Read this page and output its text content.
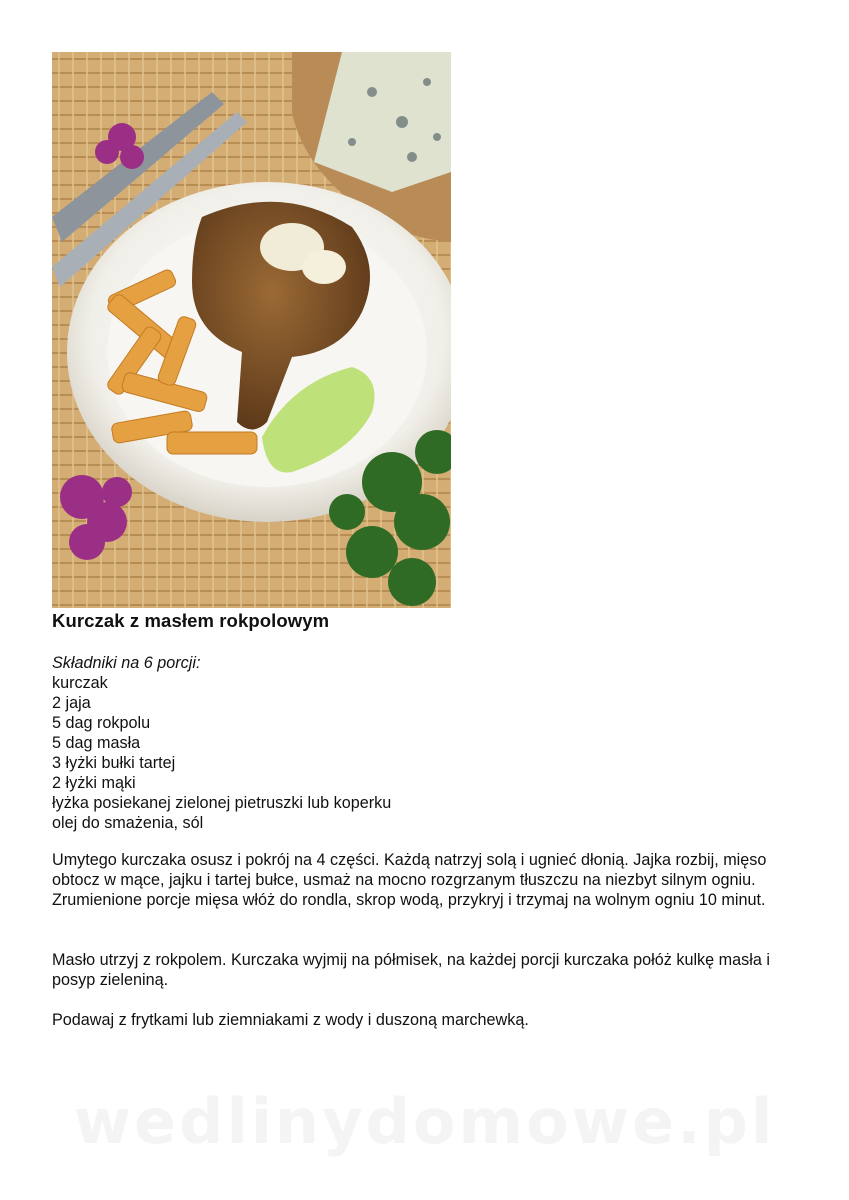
Kurczak z masłem rokpolowym
Składniki na 6 porcji:
kurczak
2 jaja
5 dag rokpolu
5 dag masła
3 łyżki bułki tartej
2 łyżki mąki
łyżka posiekanej zielonej pietruszki lub koperku
olej do smażenia, sól
Umytego kurczaka osusz i pokrój na 4 części. Każdą natrzyj solą i ugnieć dłonią. Jajka rozbij, mięso obtocz w mące, jajku i tartej bułce, usmaż na mocno rozgrzanym tłuszczu na niezbyt silnym ogniu. Zrumienione porcje mięsa włóż do rondla, skrop wodą, przykryj i trzymaj na wolnym ogniu 10 minut.
Masło utrzyj z rokpolem. Kurczaka wyjmij na półmisek, na każdej porcji kurczaka połóż kulkę masła i posyp zieleniną.
Podawaj z frytkami lub ziemniakami z wody i duszoną marchewką.
wedlinydomowe.pl
